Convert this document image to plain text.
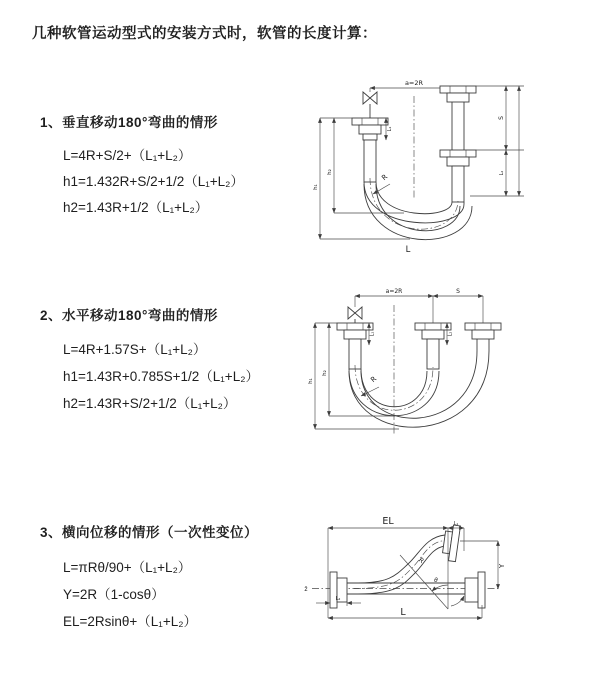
几种软管运动型式的安装方式时，软管的长度计算：
1、垂直移动180°弯曲的情形
L=4R+S/2+（L₁+L₂）
h1=1.432R+S/2+1/2（L₁+L₂）
h2=1.43R+1/2（L₁+L₂）
2、水平移动180°弯曲的情形
L=4R+1.57S+（L₁+L₂）
h1=1.43R+0.785S+1/2（L₁+L₂）
h2=1.43R+S/2+1/2（L₁+L₂）
3、横向位移的情形（一次性变位）
L=πRθ/90+（L₁+L₂）
Y=2R（1-cosθ）
EL=2Rsinθ+（L₁+L₂）
a=2R
h₁
h₂
L₁
S
L₂
R
L
a=2R	S
h₁
h₂
L₁	L₂
R
z̄
EL	L₁
θ
R
Y
L
L₂
